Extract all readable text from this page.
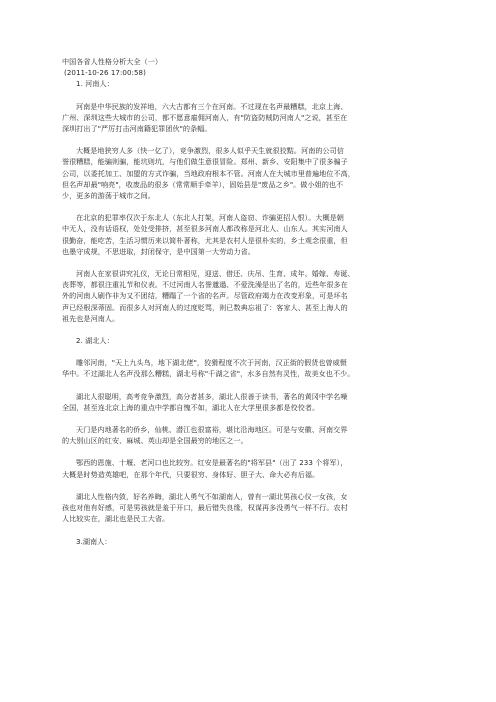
中国各省人性格分析大全（一）
(2011-10-26 17:00:58)
1. 河南人：
河南是中华民族的发祥地，六大古都有三个在河南。不过现在名声最糟糕，北京上海、
广州、深圳这些大城市的公司，都不愿意雇佣河南人，有"防盗防贼防河南人"之说，甚至在
深圳打出了"严厉打击河南籍犯罪团伙"的条幅。
大概是地狭穷人多（快一亿了），竞争激烈，很多人似乎天生就很狡黠。河南的公司信
誉很糟糕，能骗则骗，能坑则坑，与他们做生意很冒险。郑州、新乡、安阳集中了很多骗子
公司，以委托加工、加盟的方式诈骗，当地政府根本不管。河南人在大城市里普遍地位不高，
但名声却最"响亮"，收废品的很多（常常顺手牵羊），固始县是"废品之乡"。做小姐的也不
少，更多的游荡于城市之间。
在北京的犯罪率仅次于东北人（东北人打架，河南人盗窃、诈骗更招人恨）。大概是朝
中无人，没有话语权，处处受排挤，甚至很多河南人都改称是河北人、山东人。其实河南人
很勤奋，能吃苦，生活习惯历来以简朴著称，尤其是农村人是很朴实的，乡土观念很重，但
也墨守成规，不思进取，封闭保守，是中国第一大劳动力省。
河南人在家很讲究礼仪，无论日常相见，迎送、借还、庆吊、生育、成年、婚嫁、寿诞、
丧葬等，都很注重礼节和仪表。不过河南人名誉邋遢、不爱洗澡是出了名的，近些年很多在
外的河南人刷作非为又不团结，糟蹋了一个省的名声。尽管政府竭力在改变形象，可是坏名
声已经根深蒂固。而很多人对河南人的过度贬骂，则已数典忘祖了：客家人、甚至上海人的
祖先也是河南人。
2. 湖北人：
雕邻河南，"天上九头鸟，地下湖北佬"，狡猾程度不次于河南，汉正街的假货也曾威慑
华中。不过湖北人名声没那么糟糕，湖北号称"千湖之省"，水多自然有灵性，故美女也不少。
湖北人很聪明，高考竞争激烈，高分者甚多，湖北人很善于读书，著名的黄冈中学名噪
全国，甚至连北京上海的重点中学都自愧不如，湖北人在大学里很多都是佼佼者。
天门是内地著名的侨乡，仙桃、潜江也很富裕，堪比沿海地区。可是与安徽、河南交界
的大别山区的红安、麻城、英山却是全国最穷的地区之一。
鄂西的恩施、十堰、老河口也比较穷。红安是最著名的"将军县"（出了 233 个将军），
大概是时势造英雄吧，在那个年代，只要很穷、身体好、胆子大、命大必有后福。
湖北人性格内敛，好名养晦，湖北人勇气不如湖南人，曾有一湖北男孩心仪一女孩，女
孩也对他有好感，可是男孩就是羞于开口，最后错失良缘，权谋再多没勇气一样不行。农村
人比较实在，湖北也是民工大省。
3.湖南人：
